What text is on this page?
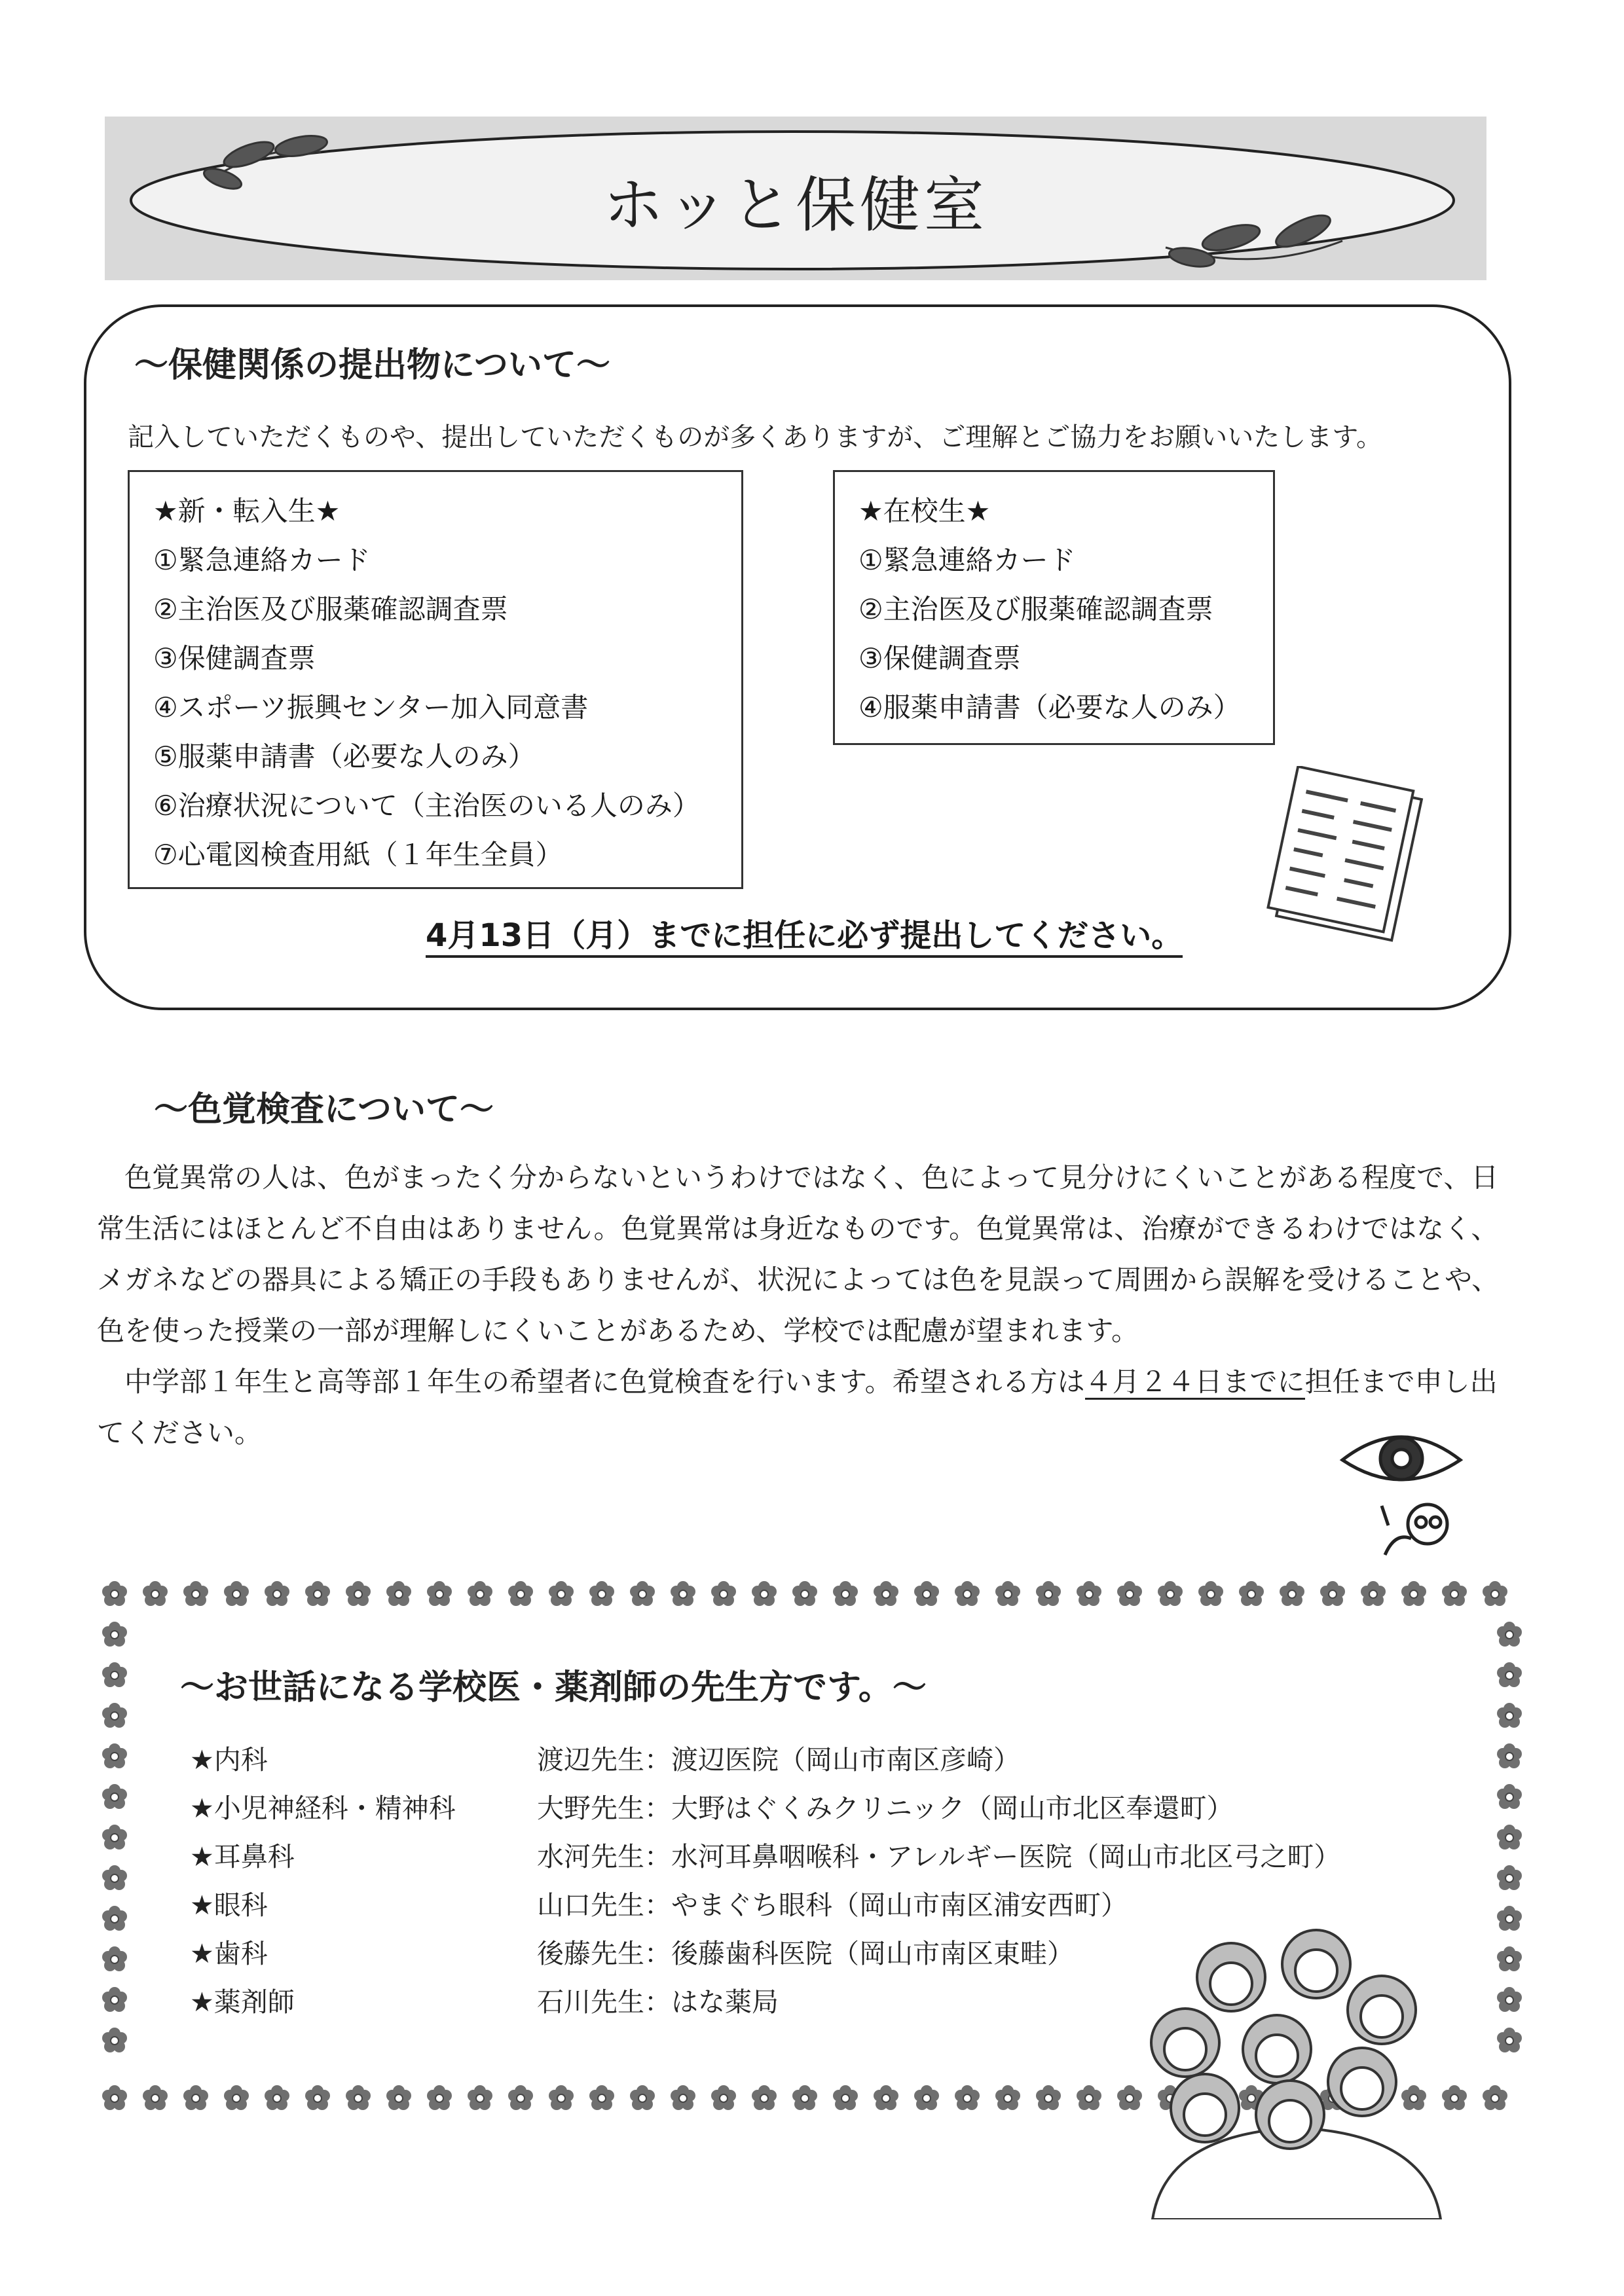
ホッと保健室
～保健関係の提出物について～
記入していただくものや、提出していただくものが多くありますが、ご理解とご協力をお願いいたします。
★新・転入生★
①緊急連絡カード
②主治医及び服薬確認調査票
③保健調査票
④スポーツ振興センター加入同意書
⑤服薬申請書（必要な人のみ）
⑥治療状況について（主治医のいる人のみ）
⑦心電図検査用紙（１年生全員）
★在校生★
①緊急連絡カード
②主治医及び服薬確認調査票
③保健調査票
④服薬申請書（必要な人のみ）
4月13日（月）までに担任に必ず提出してください。
～色覚検査について～
色覚異常の人は、色がまったく分からないというわけではなく、色によって見分けにくいことがある程度で、日常生活にはほとんど不自由はありません。色覚異常は身近なものです。色覚異常は、治療ができるわけではなく、メガネなどの器具による矯正の手段もありませんが、状況によっては色を見誤って周囲から誤解を受けることや、色を使った授業の一部が理解しにくいことがあるため、学校では配慮が望まれます。
中学部１年生と高等部１年生の希望者に色覚検査を行います。希望される方は４月２４日までに担任まで申し出てください。
～お世話になる学校医・薬剤師の先生方です。～
★内科	渡辺先生：渡辺医院（岡山市南区彦崎）
★小児神経科・精神科	大野先生：大野はぐくみクリニック（岡山市北区奉還町）
★耳鼻科	水河先生：水河耳鼻咽喉科・アレルギー医院（岡山市北区弓之町）
★眼科	山口先生：やまぐち眼科（岡山市南区浦安西町）
★歯科	後藤先生：後藤歯科医院（岡山市南区東畦）
★薬剤師	石川先生：はな薬局
